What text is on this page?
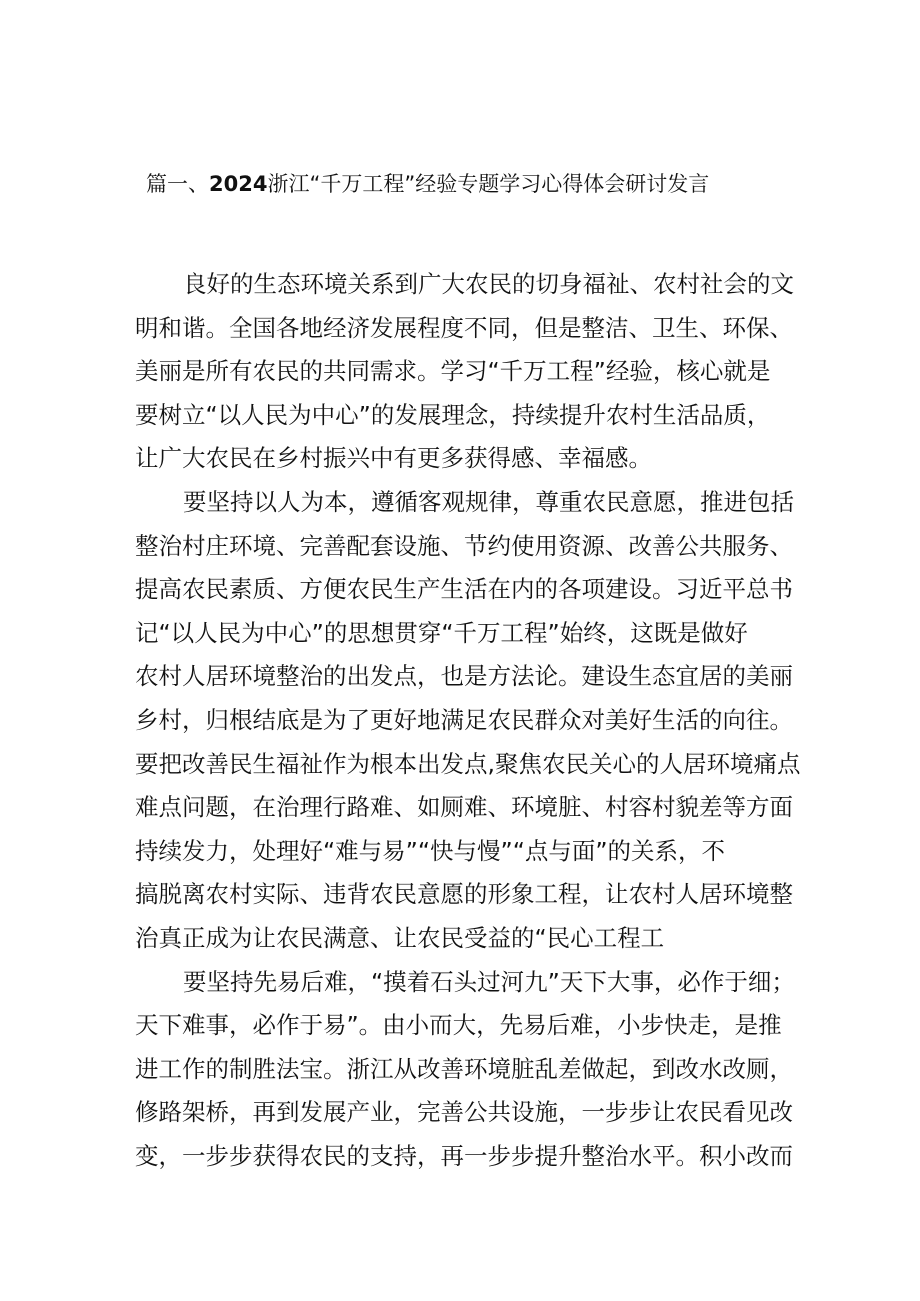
篇一、2024浙江“千万工程”经验专题学习心得体会研讨发言
良好的生态环境关系到广大农民的切身福祉、农村社会的文
明和谐。全国各地经济发展程度不同，但是整洁、卫生、环保、
美丽是所有农民的共同需求。学习“千万工程”经验，核心就是
要树立“以人民为中心”的发展理念，持续提升农村生活品质，
让广大农民在乡村振兴中有更多获得感、幸福感。
要坚持以人为本，遵循客观规律，尊重农民意愿，推进包括
整治村庄环境、完善配套设施、节约使用资源、改善公共服务、
提高农民素质、方便农民生产生活在内的各项建设。习近平总书
记“以人民为中心”的思想贯穿“千万工程”始终，这既是做好
农村人居环境整治的出发点，也是方法论。建设生态宜居的美丽
乡村，归根结底是为了更好地满足农民群众对美好生活的向往。
要把改善民生福祉作为根本出发点,聚焦农民关心的人居环境痛点
难点问题，在治理行路难、如厕难、环境脏、村容村貌差等方面
持续发力，处理好“难与易”“快与慢”“点与面”的关系，不
搞脱离农村实际、违背农民意愿的形象工程，让农村人居环境整
治真正成为让农民满意、让农民受益的“民心工程工
要坚持先易后难，“摸着石头过河九”天下大事，必作于细；
天下难事，必作于易”。由小而大，先易后难，小步快走，是推
进工作的制胜法宝。浙江从改善环境脏乱差做起，到改水改厕，
修路架桥，再到发展产业，完善公共设施，一步步让农民看见改
变，一步步获得农民的支持，再一步步提升整治水平。积小改而
